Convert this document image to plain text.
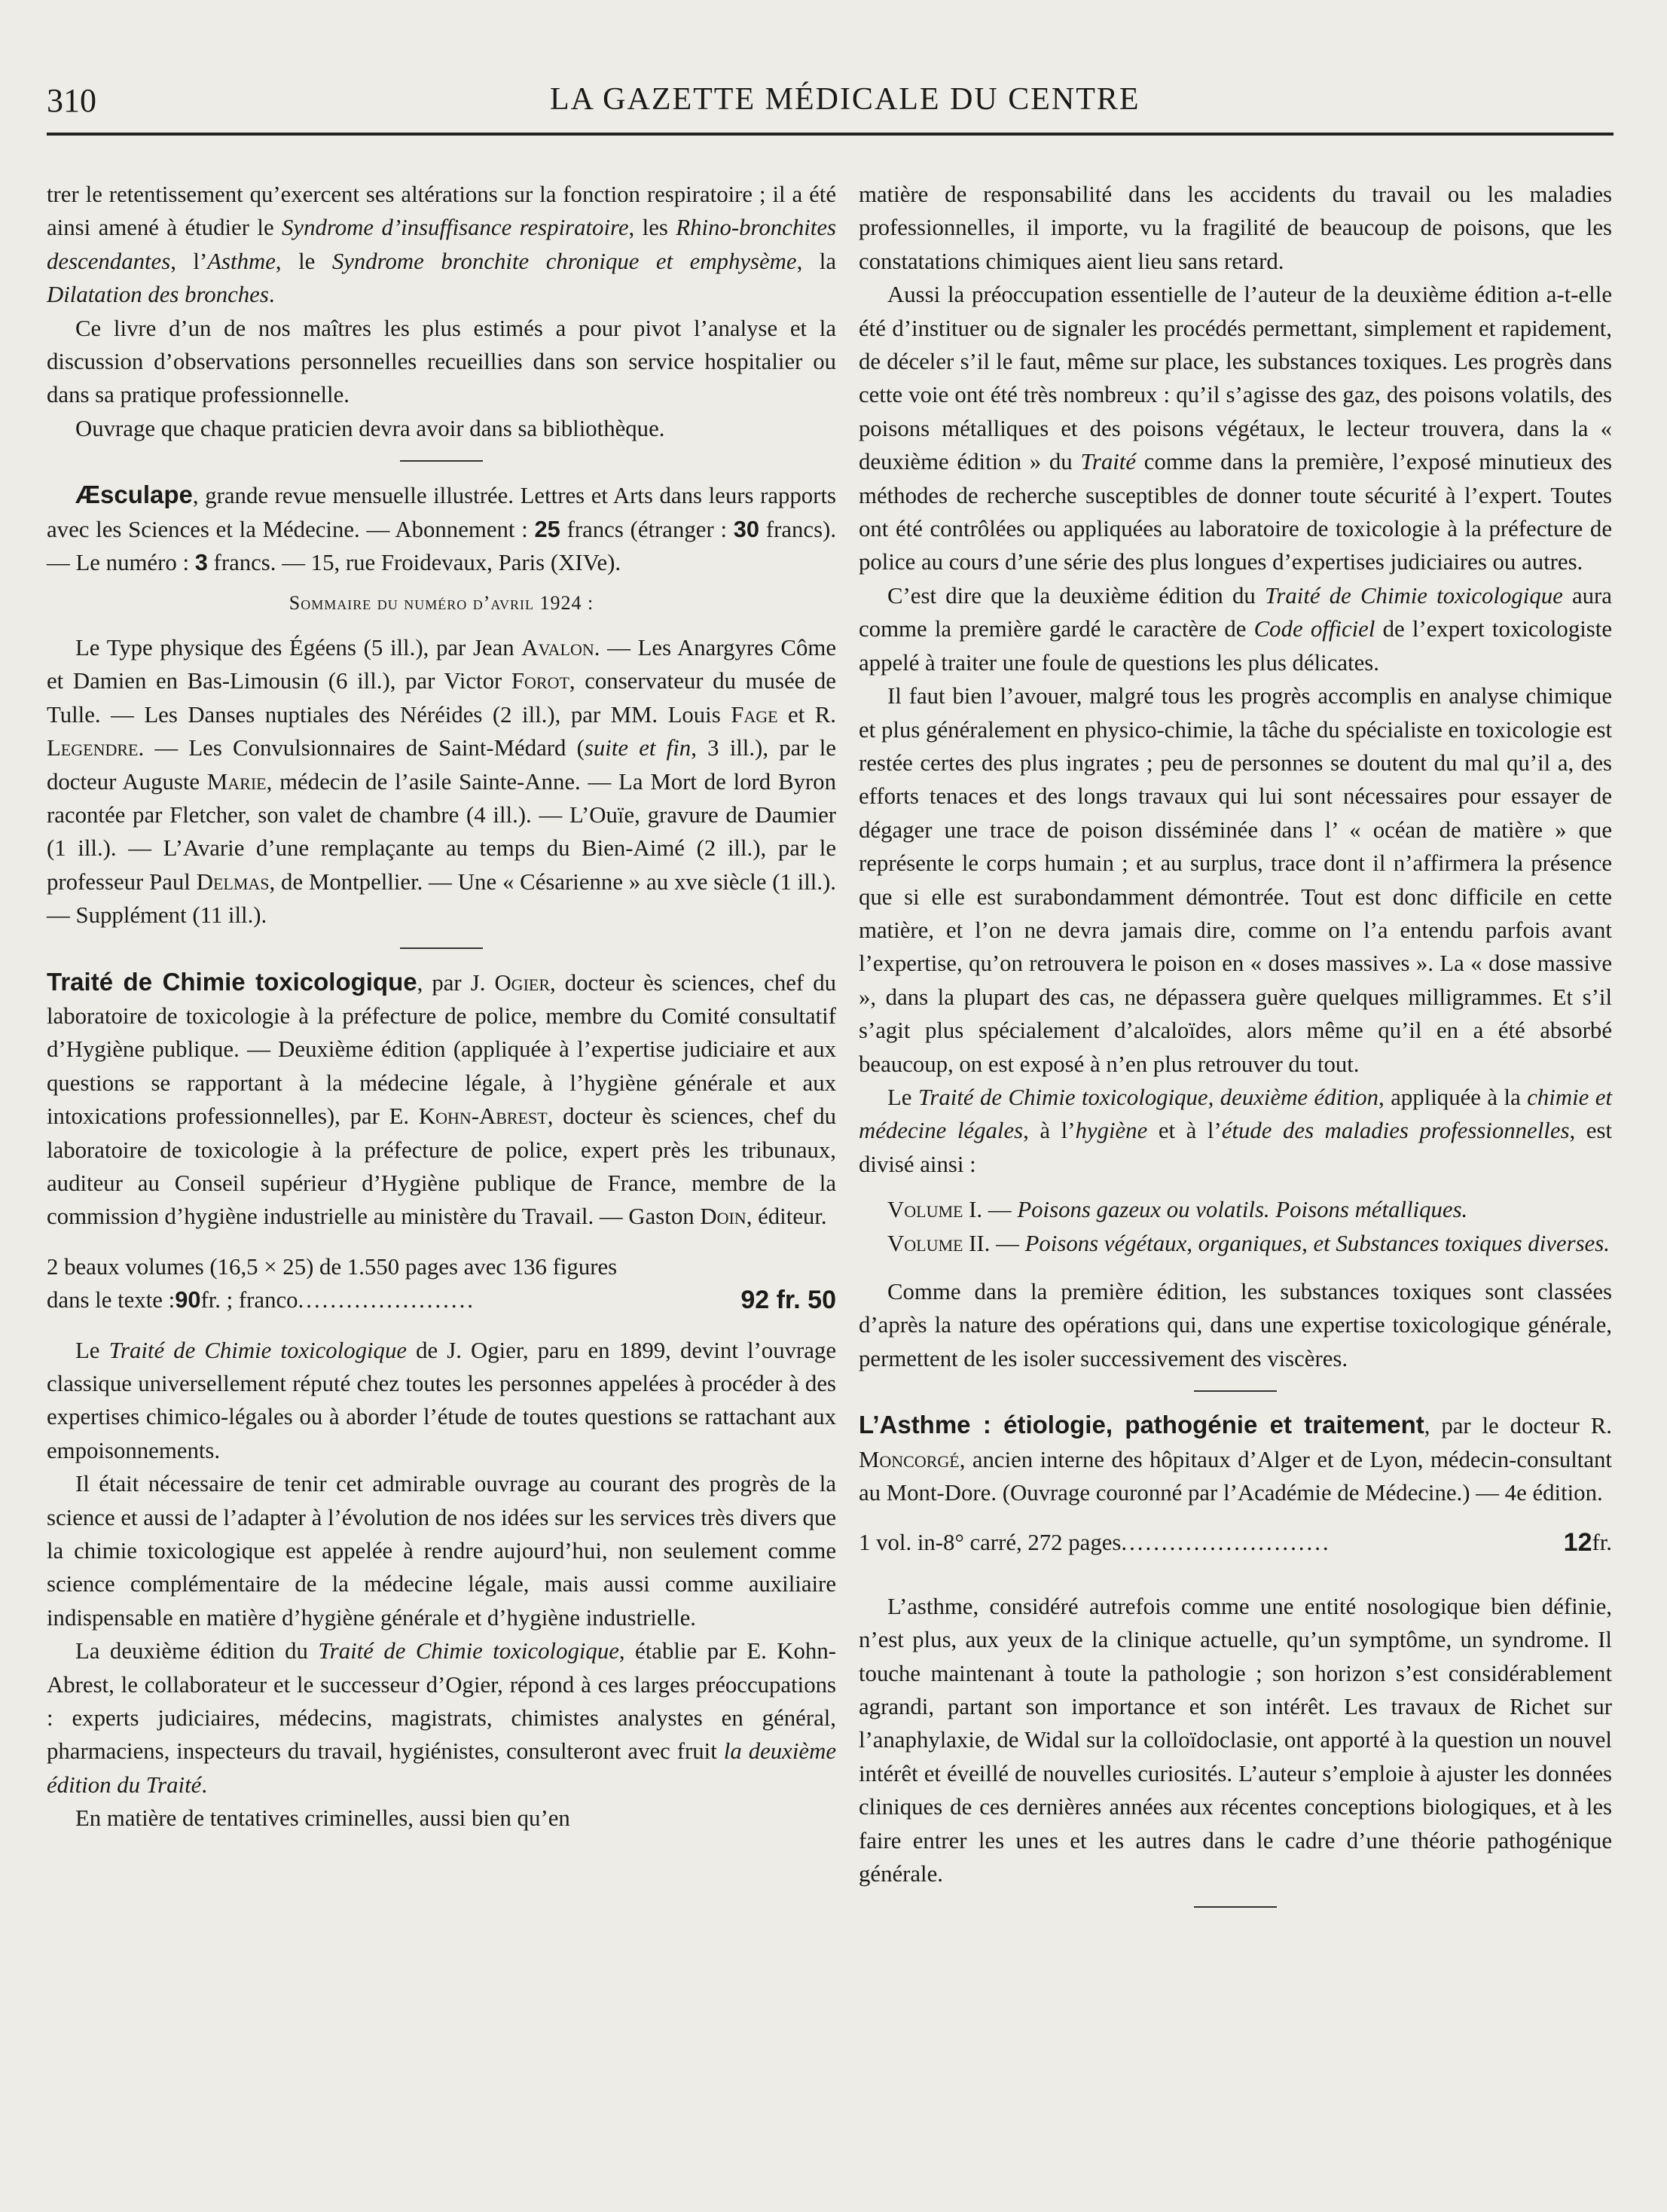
310	LA GAZETTE MÉDICALE DU CENTRE

trer le retentissement qu’exercent ses altérations sur la fonction respiratoire ; il a été ainsi amené à étudier le Syndrome d’insuffisance respiratoire, les Rhino-bronchites descendantes, l’Asthme, le Syndrome bronchite chronique et emphysème, la Dilatation des bronches.

Ce livre d’un de nos maîtres les plus estimés a pour pivot l’analyse et la discussion d’observations personnelles recueillies dans son service hospitalier ou dans sa pratique professionnelle.

Ouvrage que chaque praticien devra avoir dans sa bibliothèque.

Æsculape, grande revue mensuelle illustrée. Lettres et Arts dans leurs rapports avec les Sciences et la Médecine. — Abonnement : 25 francs (étranger : 30 francs). — Le numéro : 3 francs. — 15, rue Froidevaux, Paris (XIVe).

Sommaire du numéro d’avril 1924 :

Le Type physique des Égéens (5 ill.), par Jean Avalon. — Les Anargyres Côme et Damien en Bas-Limousin (6 ill.), par Victor Forot, conservateur du musée de Tulle. — Les Danses nuptiales des Néréides (2 ill.), par MM. Louis Fage et R. Legendre. — Les Convulsionnaires de Saint-Médard (suite et fin, 3 ill.), par le docteur Auguste Marie, médecin de l’asile Sainte-Anne. — La Mort de lord Byron racontée par Fletcher, son valet de chambre (4 ill.). — L’Ouïe, gravure de Daumier (1 ill.). — L’Avarie d’une remplaçante au temps du Bien-Aimé (2 ill.), par le professeur Paul Delmas, de Montpellier. — Une « Césarienne » au xve siècle (1 ill.). — Supplément (11 ill.).

Traité de Chimie toxicologique, par J. Ogier, docteur ès sciences, chef du laboratoire de toxicologie à la préfecture de police, membre du Comité consultatif d’Hygiène publique. — Deuxième édition (appliquée à l’expertise judiciaire et aux questions se rapportant à la médecine légale, à l’hygiène générale et aux intoxications professionnelles), par E. Kohn-Abrest, docteur ès sciences, chef du laboratoire de toxicologie à la préfecture de police, expert près les tribunaux, auditeur au Conseil supérieur d’Hygiène publique de France, membre de la commission d’hygiène industrielle au ministère du Travail. — Gaston Doin, éditeur.

2 beaux volumes (16,5 × 25) de 1.550 pages avec 136 figures

dans le texte : 90 fr. ; franco ......................	92 fr. 50

Le Traité de Chimie toxicologique de J. Ogier, paru en 1899, devint l’ouvrage classique universellement réputé chez toutes les personnes appelées à procéder à des expertises chimico-légales ou à aborder l’étude de toutes questions se rattachant aux empoisonnements.

Il était nécessaire de tenir cet admirable ouvrage au courant des progrès de la science et aussi de l’adapter à l’évolution de nos idées sur les services très divers que la chimie toxicologique est appelée à rendre aujourd’hui, non seulement comme science complémentaire de la médecine légale, mais aussi comme auxiliaire indispensable en matière d’hygiène générale et d’hygiène industrielle.

La deuxième édition du Traité de Chimie toxicologique, établie par E. Kohn-Abrest, le collaborateur et le successeur d’Ogier, répond à ces larges préoccupations : experts judiciaires, médecins, magistrats, chimistes analystes en général, pharmaciens, inspecteurs du travail, hygiénistes, consulteront avec fruit la deuxième édition du Traité.

En matière de tentatives criminelles, aussi bien qu’en

matière de responsabilité dans les accidents du travail ou les maladies professionnelles, il importe, vu la fragilité de beaucoup de poisons, que les constatations chimiques aient lieu sans retard.

Aussi la préoccupation essentielle de l’auteur de la deuxième édition a-t-elle été d’instituer ou de signaler les procédés permettant, simplement et rapidement, de déceler s’il le faut, même sur place, les substances toxiques. Les progrès dans cette voie ont été très nombreux : qu’il s’agisse des gaz, des poisons volatils, des poisons métalliques et des poisons végétaux, le lecteur trouvera, dans la « deuxième édition » du Traité comme dans la première, l’exposé minutieux des méthodes de recherche susceptibles de donner toute sécurité à l’expert. Toutes ont été contrôlées ou appliquées au laboratoire de toxicologie à la préfecture de police au cours d’une série des plus longues d’expertises judiciaires ou autres.

C’est dire que la deuxième édition du Traité de Chimie toxicologique aura comme la première gardé le caractère de Code officiel de l’expert toxicologiste appelé à traiter une foule de questions les plus délicates.

Il faut bien l’avouer, malgré tous les progrès accomplis en analyse chimique et plus généralement en physico-chimie, la tâche du spécialiste en toxicologie est restée certes des plus ingrates ; peu de personnes se doutent du mal qu’il a, des efforts tenaces et des longs travaux qui lui sont nécessaires pour essayer de dégager une trace de poison disséminée dans l’ « océan de matière » que représente le corps humain ; et au surplus, trace dont il n’affirmera la présence que si elle est surabondamment démontrée. Tout est donc difficile en cette matière, et l’on ne devra jamais dire, comme on l’a entendu parfois avant l’expertise, qu’on retrouvera le poison en « doses massives ». La « dose massive », dans la plupart des cas, ne dépassera guère quelques milligrammes. Et s’il s’agit plus spécialement d’alcaloïdes, alors même qu’il en a été absorbé beaucoup, on est exposé à n’en plus retrouver du tout.

Le Traité de Chimie toxicologique, deuxième édition, appliquée à la chimie et médecine légales, à l’hygiène et à l’étude des maladies professionnelles, est divisé ainsi :

Volume I. — Poisons gazeux ou volatils. Poisons métalliques.

Volume II. — Poisons végétaux, organiques, et Substances toxiques diverses.

Comme dans la première édition, les substances toxiques sont classées d’après la nature des opérations qui, dans une expertise toxicologique générale, permettent de les isoler successivement des viscères.

L’Asthme : étiologie, pathogénie et traitement, par le docteur R. Moncorgé, ancien interne des hôpitaux d’Alger et de Lyon, médecin-consultant au Mont-Dore. (Ouvrage couronné par l’Académie de Médecine.) — 4e édition.

1 vol. in-8° carré, 272 pages ..........................	12 fr.

L’asthme, considéré autrefois comme une entité nosologique bien définie, n’est plus, aux yeux de la clinique actuelle, qu’un symptôme, un syndrome. Il touche maintenant à toute la pathologie ; son horizon s’est considérablement agrandi, partant son importance et son intérêt. Les travaux de Richet sur l’anaphylaxie, de Widal sur la colloïdoclasie, ont apporté à la question un nouvel intérêt et éveillé de nouvelles curiosités. L’auteur s’emploie à ajuster les données cliniques de ces dernières années aux récentes conceptions biologiques, et à les faire entrer les unes et les autres dans le cadre d’une théorie pathogénique générale.
